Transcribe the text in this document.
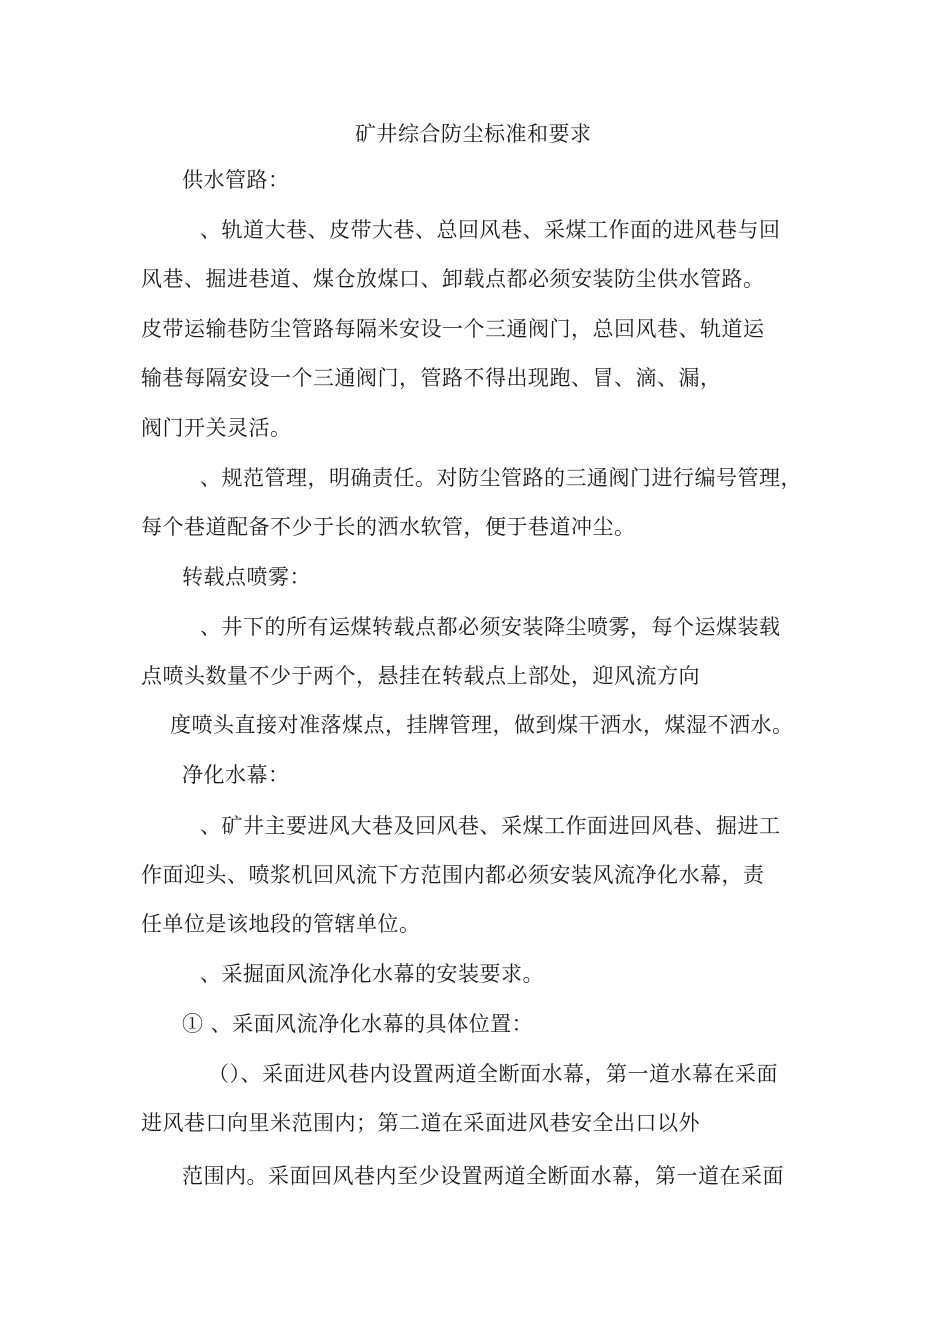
矿井综合防尘标准和要求
供水管路：
、轨道大巷、皮带大巷、总回风巷、采煤工作面的进风巷与回
风巷、掘进巷道、煤仓放煤口、卸载点都必须安装防尘供水管路。
皮带运输巷防尘管路每隔米安设一个三通阀门，总回风巷、轨道运
输巷每隔安设一个三通阀门，管路不得出现跑、冒、滴、漏，
阀门开关灵活。
、规范管理，明确责任。对防尘管路的三通阀门进行编号管理，
每个巷道配备不少于长的洒水软管，便于巷道冲尘。
转载点喷雾：
、井下的所有运煤转载点都必须安装降尘喷雾，每个运煤装载
点喷头数量不少于两个，悬挂在转载点上部处，迎风流方向
度喷头直接对准落煤点，挂牌管理，做到煤干洒水，煤湿不洒水。
净化水幕：
、矿井主要进风大巷及回风巷、采煤工作面进回风巷、掘进工
作面迎头、喷浆机回风流下方范围内都必须安装风流净化水幕，责
任单位是该地段的管辖单位。
、采掘面风流净化水幕的安装要求。
① 、采面风流净化水幕的具体位置：
（）、采面进风巷内设置两道全断面水幕，第一道水幕在采面
进风巷口向里米范围内；第二道在采面进风巷安全出口以外
范围内。采面回风巷内至少设置两道全断面水幕，第一道在采面
